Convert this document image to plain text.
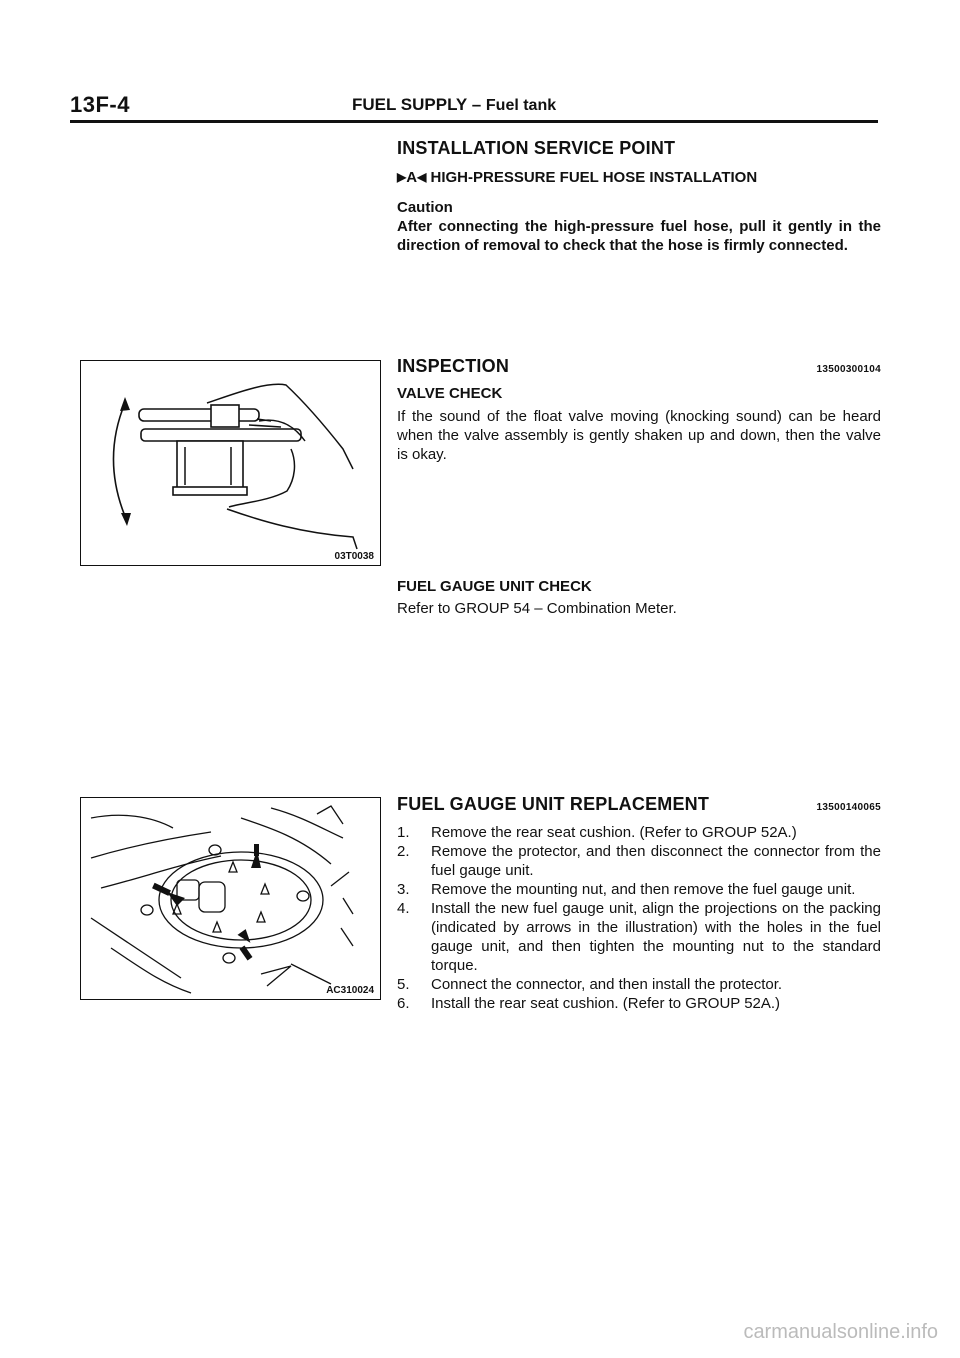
13F-4	FUEL SUPPLY – Fuel tank
INSTALLATION SERVICE POINT
▶A◀ HIGH-PRESSURE FUEL HOSE INSTALLATION
Caution
After connecting the high-pressure fuel hose, pull it gently in the direction of removal to check that the hose is firmly connected.
03T0038
INSPECTION	13500300104
VALVE CHECK
If the sound of the float valve moving (knocking sound) can be heard when the valve assembly is gently shaken up and down, then the valve is okay.
FUEL GAUGE UNIT CHECK
Refer to GROUP 54 – Combination Meter.
AC310024
FUEL GAUGE UNIT REPLACEMENT	13500140065
1. Remove the rear seat cushion. (Refer to GROUP 52A.)
2. Remove the protector, and then disconnect the connector from the fuel gauge unit.
3. Remove the mounting nut, and then remove the fuel gauge unit.
4. Install the new fuel gauge unit, align the projections on the packing (indicated by arrows in the illustration) with the holes in the fuel gauge unit, and then tighten the mounting nut to the standard torque.
5. Connect the connector, and then install the protector.
6. Install the rear seat cushion. (Refer to GROUP 52A.)
carmanualsonline.info
